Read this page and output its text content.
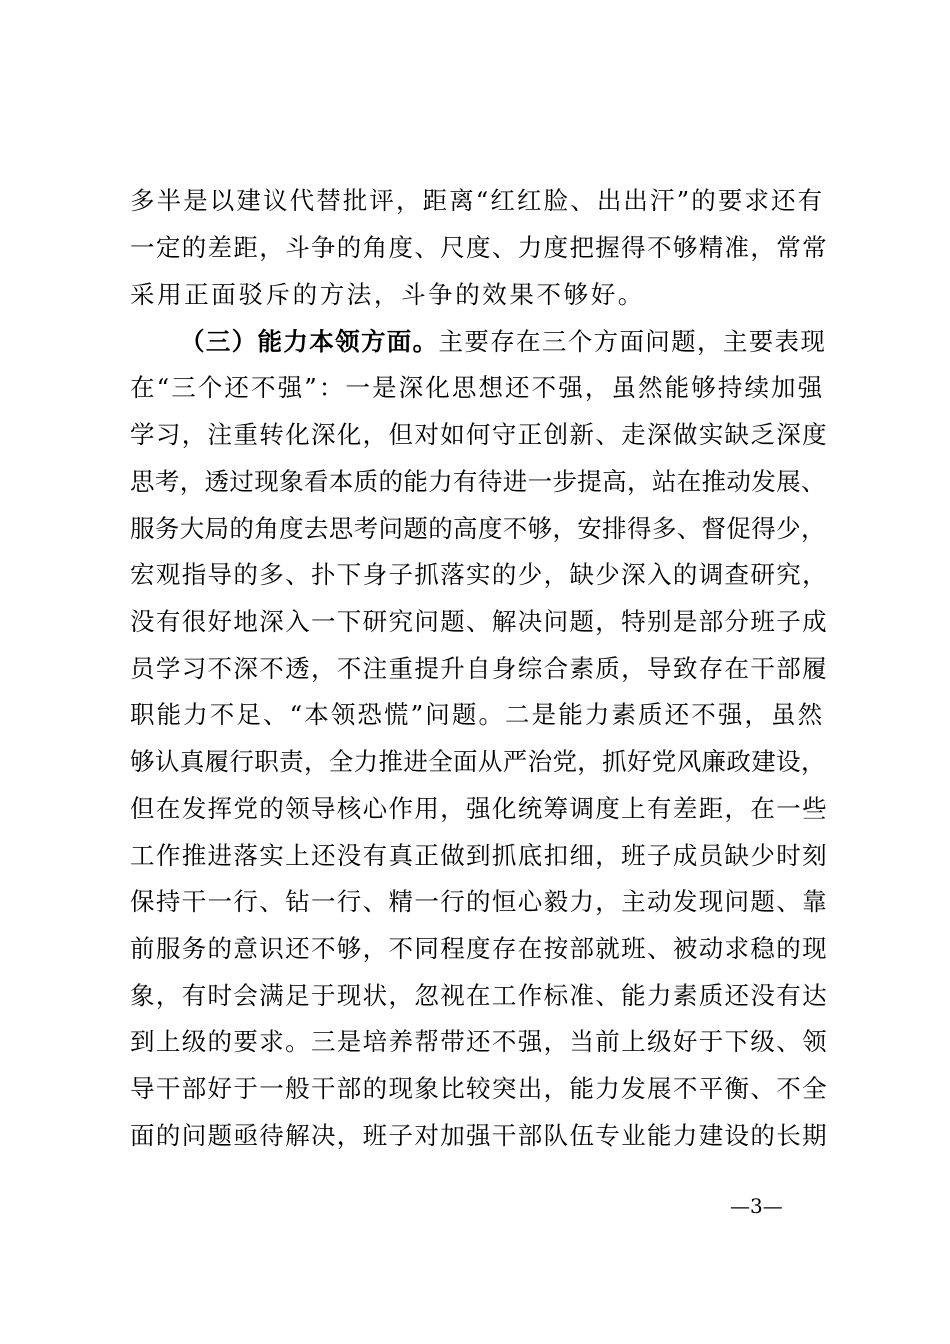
多半是以建议代替批评，距离“红红脸、出出汗”的要求还有
一定的差距，斗争的角度、尺度、力度把握得不够精准，常常
采用正面驳斥的方法，斗争的效果不够好。
（三）能力本领方面。主要存在三个方面问题，主要表现
在“三个还不强”：一是深化思想还不强，虽然能够持续加强
学习，注重转化深化，但对如何守正创新、走深做实缺乏深度
思考，透过现象看本质的能力有待进一步提高，站在推动发展、
服务大局的角度去思考问题的高度不够，安排得多、督促得少，
宏观指导的多、扑下身子抓落实的少，缺少深入的调查研究，
没有很好地深入一下研究问题、解决问题，特别是部分班子成
员学习不深不透，不注重提升自身综合素质，导致存在干部履
职能力不足、“本领恐慌”问题。二是能力素质还不强，虽然
够认真履行职责，全力推进全面从严治党，抓好党风廉政建设，
但在发挥党的领导核心作用，强化统筹调度上有差距，在一些
工作推进落实上还没有真正做到抓底扣细，班子成员缺少时刻
保持干一行、钻一行、精一行的恒心毅力，主动发现问题、靠
前服务的意识还不够，不同程度存在按部就班、被动求稳的现
象，有时会满足于现状，忽视在工作标准、能力素质还没有达
到上级的要求。三是培养帮带还不强，当前上级好于下级、领
导干部好于一般干部的现象比较突出，能力发展不平衡、不全
面的问题亟待解决，班子对加强干部队伍专业能力建设的长期
—3—
